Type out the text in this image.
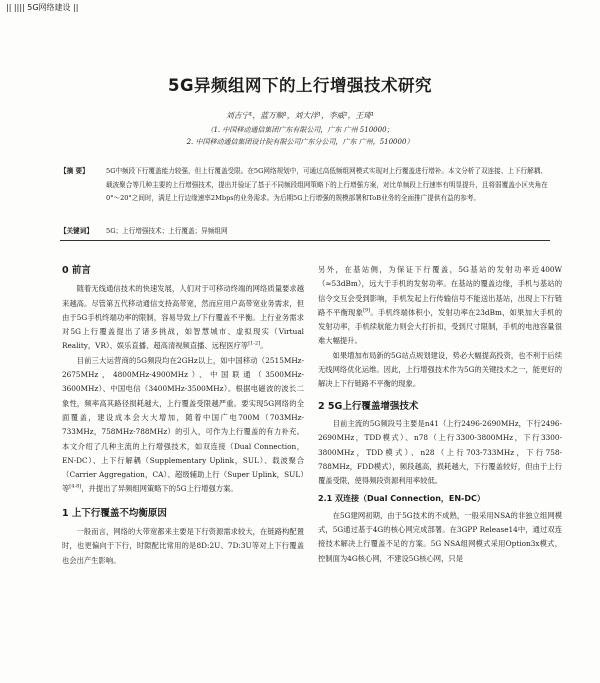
|| |||| 5G网络建设 ||
5G异频组网下的上行增强技术研究
刘吉宁¹，蓝万顺¹，刘大洋¹，李威²，王琦¹
（1. 中国移动通信集团广东有限公司，广东 广州 510000；
2. 中国移动通信集团设计院有限公司广东分公司，广东 广州，510000）
【摘 要】	5G中频段下行覆盖能力较强，但上行覆盖受限。在5G网络规划中，可通过高低频组网模式实现对上行覆盖进行增补。本文分析了双连接、上下行解耦、载波聚合等几种主要的上行增强技术，提出并验证了基于不同频段组网策略下的上行增强方案，对比单频段上行速率有明显提升，且将弱覆盖小区夹角在0°～20°之间时，满足上行边缘速率2Mbps的业务需求。为后期5G上行增强的规模部署和ToB业务的全面推广提供有益的参考。
【关键词】 5G；上行增强技术；上行覆盖；异频组网
0 前言

随着无线通信技术的快速发展，人们对于可移动终端的网络质量要求越来越高。尽管第五代移动通信支持高带宽，然而应用户高带宽业务需求，但由于5G手机终端功率的限制，容易导致上/下行覆盖不平衡。上行业务需求对5G上行覆盖提出了诸多挑战，如智慧城市、虚拟现实（Virtual Reality，VR）、娱乐直播、超高清视频直播、远程医疗等[1-2]。

目前三大运营商的5G频段均在2GHz以上，如中国移动（2515MHz-2675MHz，4800MHz-4900MHz）、中国联通（3500MHz-3600MHz）、中国电信（3400MHz-3500MHz）。根据电磁波的波长二象性，频率高其路径损耗越大，上行覆盖受限越严重。要实现5G网络的全面覆盖，建设成本会大大增加，随着中国广电700M（703MHz-733MHz，758MHz-788MHz）的引入，可作为上行覆盖的有力补充。本文介绍了几种主流的上行增强技术，如双连接（Dual Connection，EN-DC）、上下行解耦（Supplementary Uplink，SUL）、载波聚合（Carrier Aggregation，CA）、超级辅助上行（Super Uplink，SUL）等[4-8]，并提出了异频组网策略下的5G上行增强方案。

1 上下行覆盖不均衡原因

一般而言，网络的大带宽都来主要是下行资源需求较大，在链路构配置时，也更偏向于下行，时隙配比常用的是8D:2U、7D:3U等对上下行覆盖也会出产生影响。

另外，在基站侧，为保证下行覆盖，5G基站的发射功率近400W（≈53dBm），远大于手机的发射功率。在基站的覆盖边缘，手机与基站的信令交互会受到影响，手机发起上行传输信号不能送出基站，出现上下行链路不平衡现象[9]。手机终端体积小，发射功率在23dBm，如果加大手机的发射功率，手机续航能力则会大打折扣，受到尺寸限制，手机的电池容量很难大幅提升。

如果增加布局新的5G站点规划建设，势必大幅提高投资，也不利于后续无线网络优化运维。因此，上行增强技术作为5G的关键技术之一，能更好的解决上下行链路不平衡的现象。

2 5G上行覆盖增强技术

目前主流的5G频段号主要是n41（上行2496-2690MHz，下行2496-2690MHz，TDD模式）、n78（上行3300-3800MHz，下行3300-3800MHz，TDD模式）、n28（上行703-733MHz，下行758-788MHz，FDD模式），频段越高，损耗越大，下行覆盖较好，但由于上行覆盖受限，使得频段资源利用率较低。

2.1 双连接（Dual Connection，EN-DC）

在5G建网初期，由于5G技术的不成熟，一般采用NSA的非独立组网模式，5G通过基于4G的核心网完成部署。在3GPP Release14中，通过双连接技术解决上行覆盖不足的方案。5G NSA组网模式采用Option3x模式，控制面为4G核心网，不建设5G核心网，只是
